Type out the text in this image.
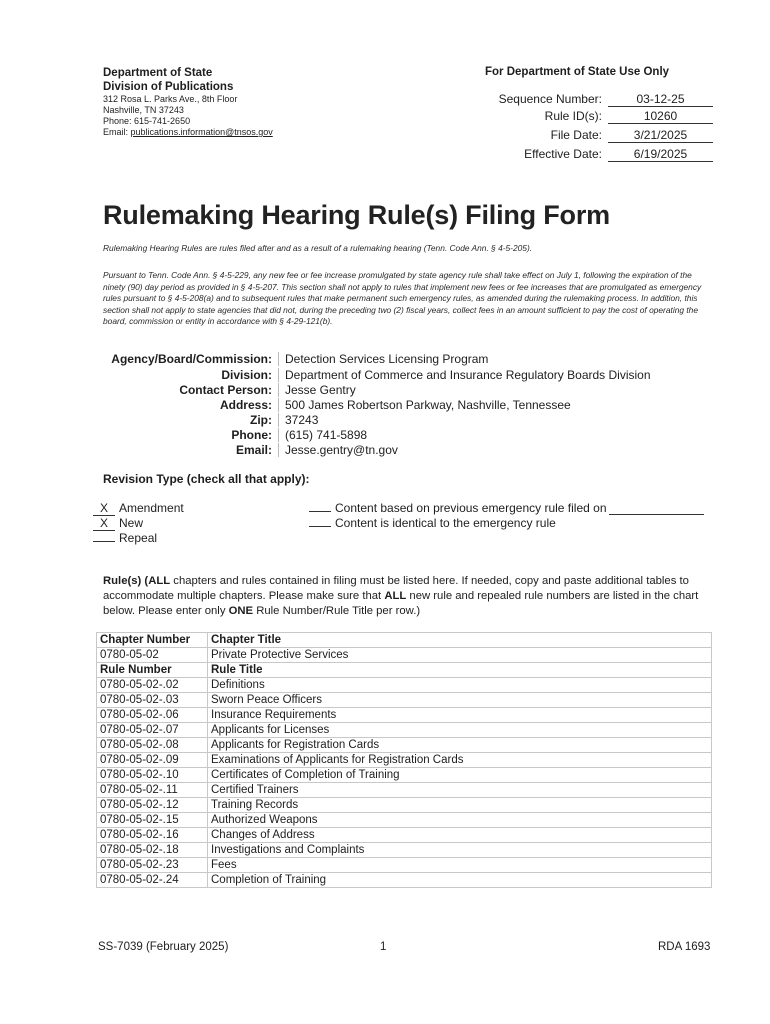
Department of State
Division of Publications
312 Rosa L. Parks Ave., 8th Floor
Nashville, TN 37243
Phone: 615-741-2650
Email: publications.information@tnsos.gov
For Department of State Use Only
Sequence Number:	03-12-25
Rule ID(s):	10260
File Date:	3/21/2025
Effective Date:	6/19/2025
Rulemaking Hearing Rule(s) Filing Form
Rulemaking Hearing Rules are rules filed after and as a result of a rulemaking hearing (Tenn. Code Ann. § 4-5-205).
Pursuant to Tenn. Code Ann. § 4-5-229, any new fee or fee increase promulgated by state agency rule shall take effect on July 1, following the expiration of the ninety (90) day period as provided in § 4-5-207. This section shall not apply to rules that implement new fees or fee increases that are promulgated as emergency rules pursuant to § 4-5-208(a) and to subsequent rules that make permanent such emergency rules, as amended during the rulemaking process. In addition, this section shall not apply to state agencies that did not, during the preceding two (2) fiscal years, collect fees in an amount sufficient to pay the cost of operating the board, commission or entity in accordance with § 4-29-121(b).
Agency/Board/Commission:	Detection Services Licensing Program
Division:	Department of Commerce and Insurance Regulatory Boards Division
Contact Person:	Jesse Gentry
Address:	500 James Robertson Parkway, Nashville, Tennessee
Zip:	37243
Phone:	(615) 741-5898
Email:	Jesse.gentry@tn.gov
Revision Type (check all that apply):
X Amendment
X New
Repeal
Content based on previous emergency rule filed on
Content is identical to the emergency rule
Rule(s) (ALL chapters and rules contained in filing must be listed here. If needed, copy and paste additional tables to accommodate multiple chapters. Please make sure that ALL new rule and repealed rule numbers are listed in the chart below. Please enter only ONE Rule Number/Rule Title per row.)
Chapter Number	Chapter Title
0780-05-02	Private Protective Services
Rule Number	Rule Title
0780-05-02-.02	Definitions
0780-05-02-.03	Sworn Peace Officers
0780-05-02-.06	Insurance Requirements
0780-05-02-.07	Applicants for Licenses
0780-05-02-.08	Applicants for Registration Cards
0780-05-02-.09	Examinations of Applicants for Registration Cards
0780-05-02-.10	Certificates of Completion of Training
0780-05-02-.11	Certified Trainers
0780-05-02-.12	Training Records
0780-05-02-.15	Authorized Weapons
0780-05-02-.16	Changes of Address
0780-05-02-.18	Investigations and Complaints
0780-05-02-.23	Fees
0780-05-02-.24	Completion of Training
SS-7039 (February 2025)	1	RDA 1693
